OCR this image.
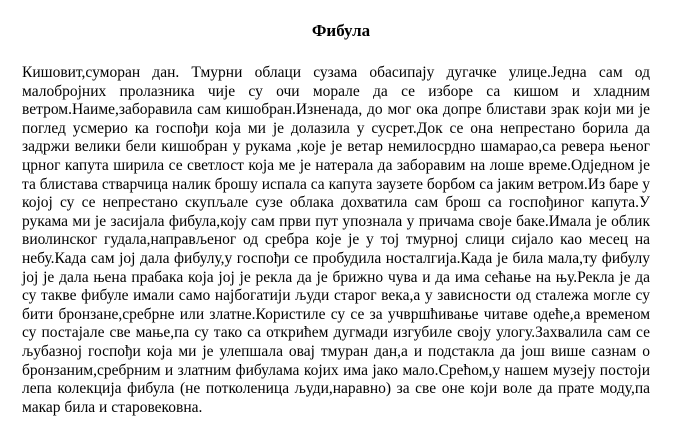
Фибула

Кишовит,суморан дан. Тмурни облаци сузама обасипају дугачке улице.Једна сам од малобројних пролазника чије су очи морале да се изборе са кишом и хладним ветром.Наиме,заборавила сам кишобран.Изненада, до мог ока допре блистави зрак који ми је поглед усмерио ка госпођи која ми је долазила у сусрет.Док се она непрестано борила да задржи велики бели кишобран у рукама ,које је ветар немилосрдно шамарао,са ревера њеног црног капута ширила се светлост која ме је натерала да заборавим на лоше време.Одједном је та блистава стварчица налик брошу испала са капута заузете борбом са јаким ветром.Из баре у којој су се непрестано скупљале сузе облака дохватила сам брош са госпођиног капута.У рукама ми је засијала фибула,коју сам први пут упознала у причама своје баке.Имала је облик виолинског гудала,направљеног од сребра које је у тој тмурној слици сијало као месец на небу.Када сам јој дала фибулу,у госпођи се пробудила носталгија.Када је била мала,ту фибулу јој је дала њена прабака која јој је рекла да је брижно чува и да има сећање на њу.Рекла је да су такве фибуле имали само најбогатији људи старог века,а у зависности од сталежа могле су бити бронзане,сребрне или златне.Користиле су се за учвршћивање читаве одеће,а временом су постајале све мање,па су тако са открићем дугмади изгубиле своју улогу.Захвалила сам се љубазној госпођи која ми је улепшала овај тмуран дан,а и подстакла да још више сазнам о бронзаним,сребрним и златним фибулама којих има јако мало.Срећом,у нашем музеју постоји лепа колекција фибула (не потколеница људи,наравно) за све оне који воле да прате моду,па макар била и старовековна.
